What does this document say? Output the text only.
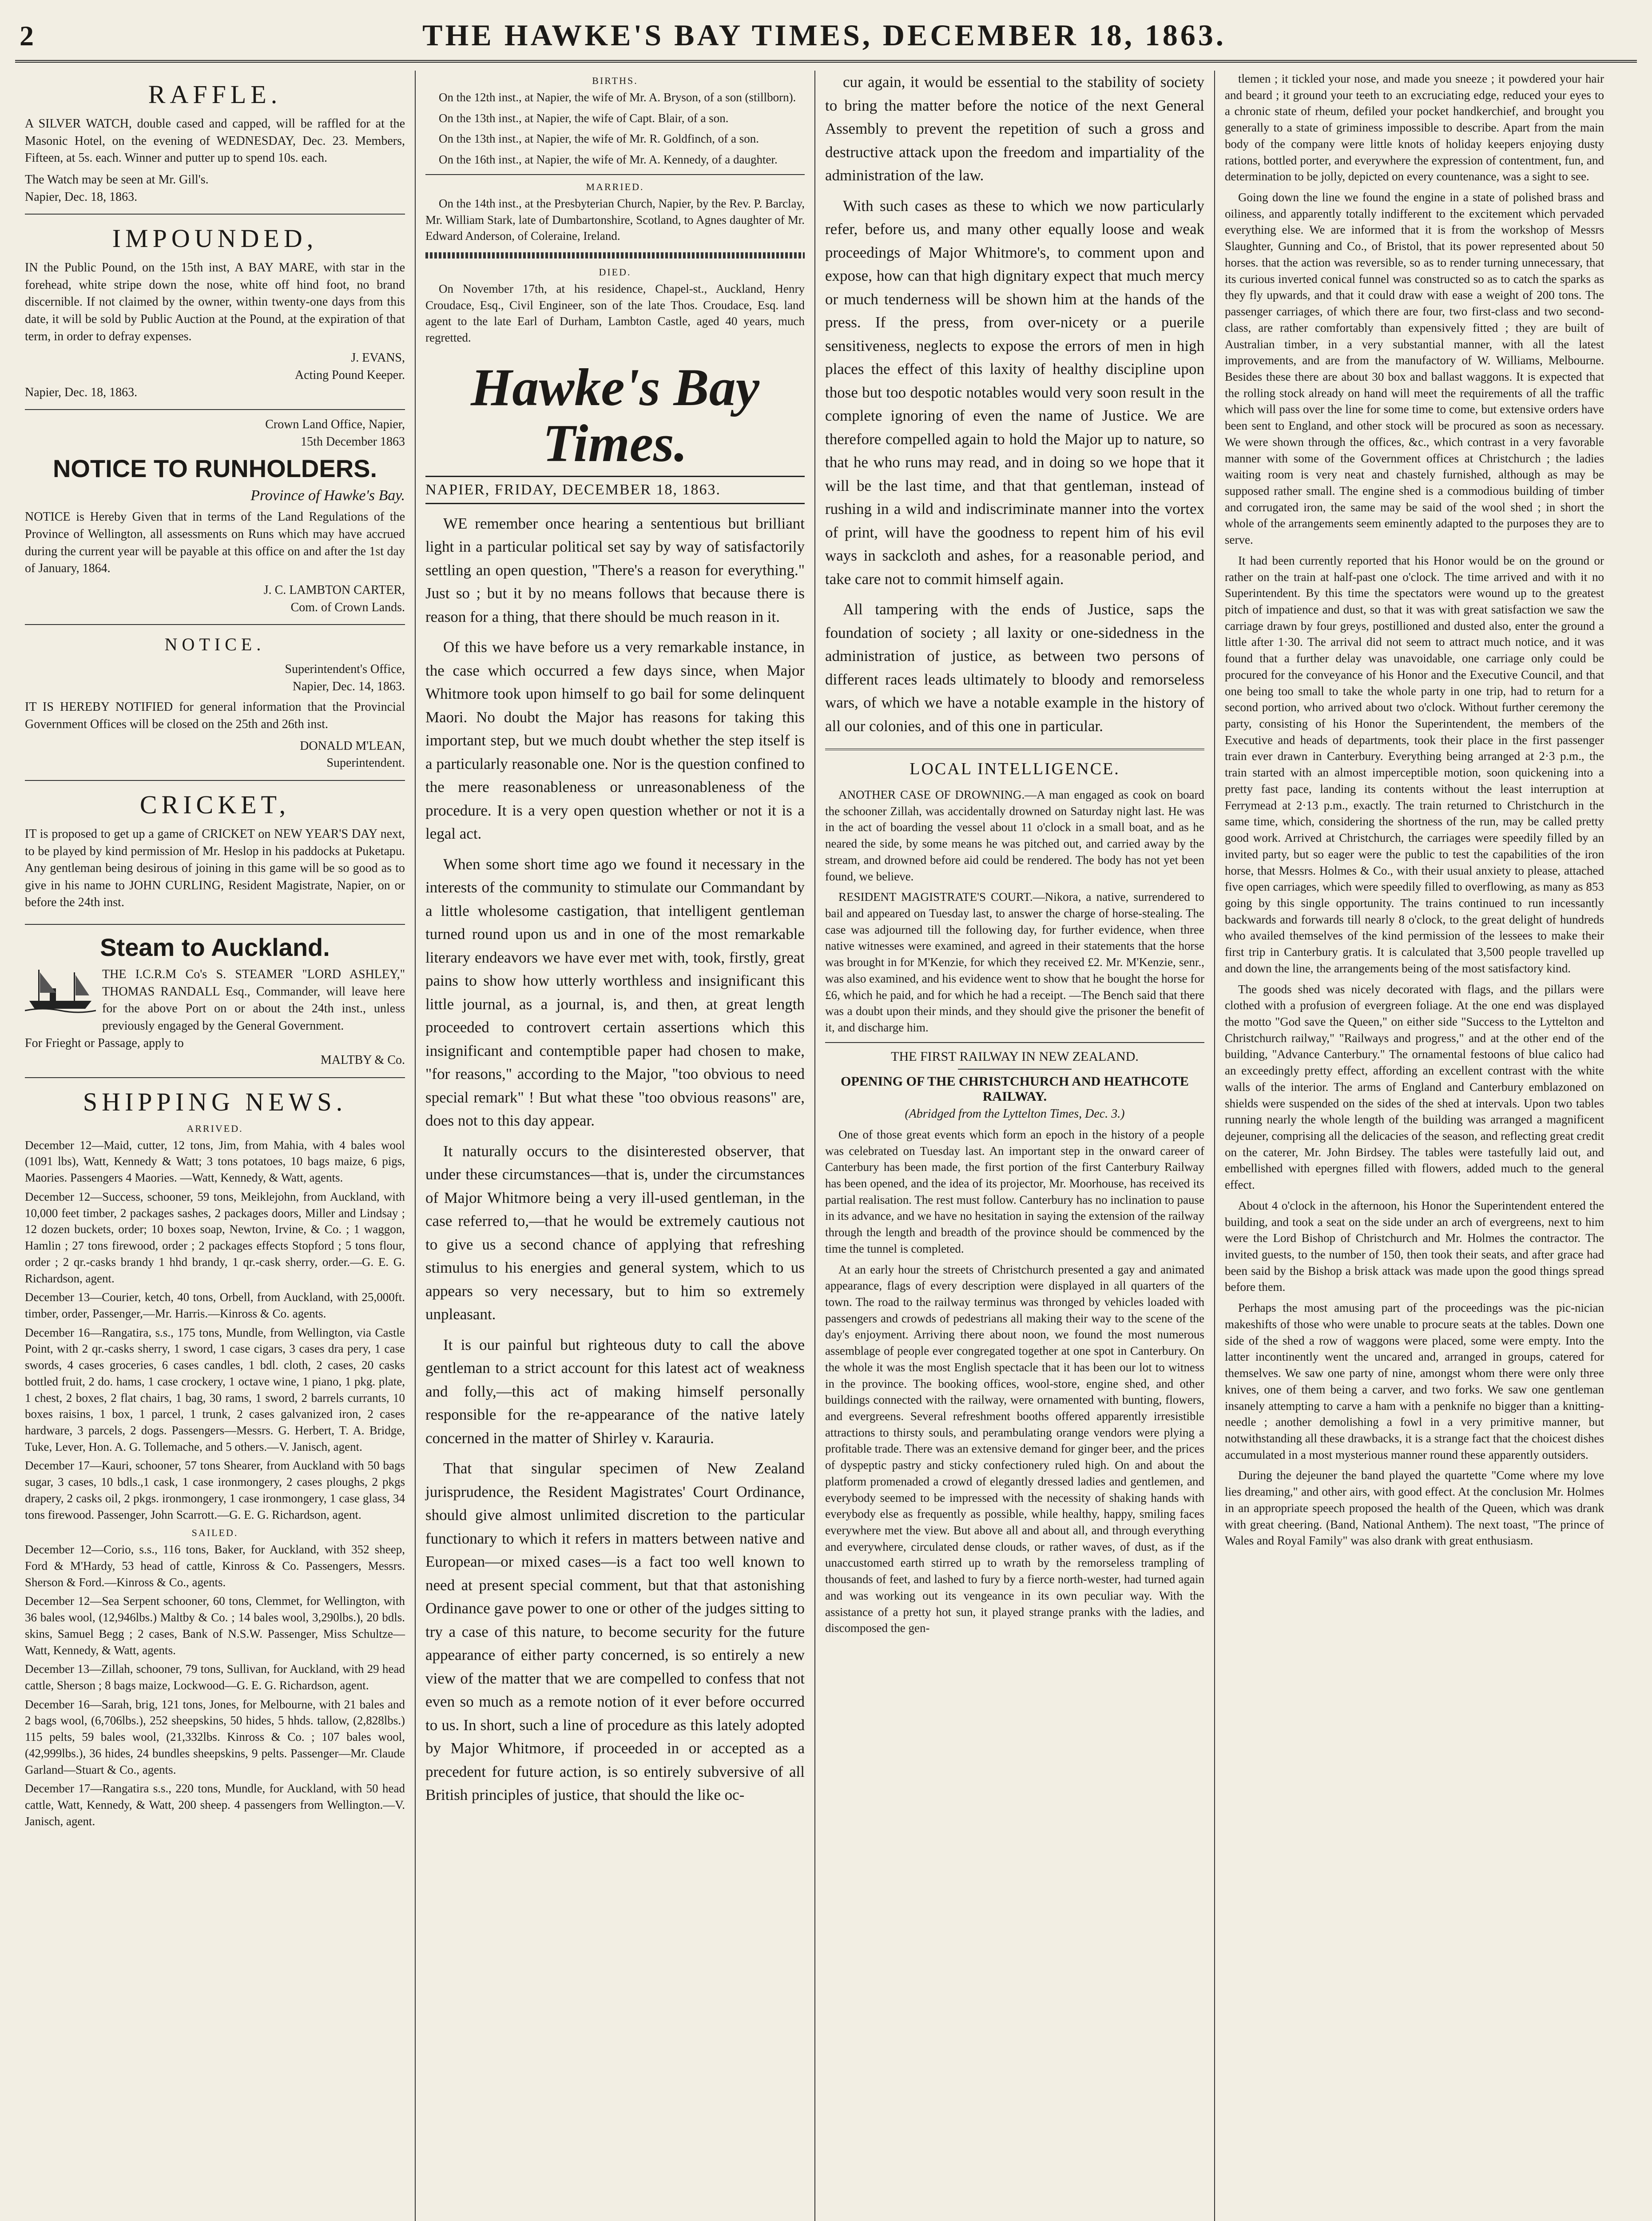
2	THE HAWKE'S BAY TIMES, DECEMBER 18, 1863.
RAFFLE.

A SILVER WATCH, double cased and capped, will be raffled for at the Masonic Hotel, on the evening of WEDNESDAY, Dec. 23. Members, Fifteen, at 5s. each. Winner and putter up to spend 10s. each.

The Watch may be seen at Mr. Gill's.

Napier, Dec. 18, 1863.

IMPOUNDED,

IN the Public Pound, on the 15th inst, A BAY MARE, with star in the forehead, white stripe down the nose, white off hind foot, no brand discernible. If not claimed by the owner, within twenty-one days from this date, it will be sold by Public Auction at the Pound, at the expiration of that term, in order to defray expenses.

J. EVANS,
Acting Pound Keeper.

Napier, Dec. 18, 1863.

Crown Land Office, Napier,
15th December 1863

NOTICE TO RUNHOLDERS.

Province of Hawke's Bay.

NOTICE is Hereby Given that in terms of the Land Regulations of the Province of Wellington, all assessments on Runs which may have accrued during the current year will be payable at this office on and after the 1st day of January, 1864.

J. C. LAMBTON CARTER,
Com. of Crown Lands.

NOTICE.

Superintendent's Office,
Napier, Dec. 14, 1863.

IT IS HEREBY NOTIFIED for general information that the Provincial Government Offices will be closed on the 25th and 26th inst.

DONALD M'LEAN,
Superintendent.

CRICKET,

IT is proposed to get up a game of CRICKET on NEW YEAR'S DAY next, to be played by kind permission of Mr. Heslop in his paddocks at Puketapu. Any gentleman being desirous of joining in this game will be so good as to give in his name to JOHN CURLING, Resident Magistrate, Napier, on or before the 24th inst.

Steam to Auckland.

THE I.C.R.M Co's S. STEAMER "LORD ASHLEY," THOMAS RANDALL Esq., Commander, will leave here for the above Port on or about the 24th inst., unless previously engaged by the General Government.

For Frieght or Passage, apply to

MALTBY & Co.

SHIPPING NEWS.

ARRIVED.

December 12—Maid, cutter, 12 tons, Jim, from Mahia, with 4 bales wool (1091 lbs), Watt, Kennedy & Watt; 3 tons potatoes, 10 bags maize, 6 pigs, Maories. Passengers 4 Maories. —Watt, Kennedy, & Watt, agents.

December 12—Success, schooner, 59 tons, Meiklejohn, from Auckland, with 10,000 feet timber, 2 packages sashes, 2 packages doors, Miller and Lindsay ; 12 dozen buckets, order; 10 boxes soap, Newton, Irvine, & Co. ; 1 waggon, Hamlin ; 27 tons firewood, order ; 2 packages effects Stopford ; 5 tons flour, order ; 2 qr.-casks brandy 1 hhd brandy, 1 qr.-cask sherry, order.—G. E. G. Richardson, agent.

December 13—Courier, ketch, 40 tons, Orbell, from Auckland, with 25,000ft. timber, order, Passenger,—Mr. Harris.—Kinross & Co. agents.

December 16—Rangatira, s.s., 175 tons, Mundle, from Wellington, via Castle Point, with 2 qr.-casks sherry, 1 sword, 1 case cigars, 3 cases dra pery, 1 case swords, 4 cases groceries, 6 cases candles, 1 bdl. cloth, 2 cases, 20 casks bottled fruit, 2 do. hams, 1 case crockery, 1 octave wine, 1 piano, 1 pkg. plate, 1 chest, 2 boxes, 2 flat chairs, 1 bag, 30 rams, 1 sword, 2 barrels currants, 10 boxes raisins, 1 box, 1 parcel, 1 trunk, 2 cases galvanized iron, 2 cases hardware, 3 parcels, 2 dogs. Passengers—Messrs. G. Herbert, T. A. Bridge, Tuke, Lever, Hon. A. G. Tollemache, and 5 others.—V. Janisch, agent.

December 17—Kauri, schooner, 57 tons Shearer, from Auckland with 50 bags sugar, 3 cases, 10 bdls.,1 cask, 1 case ironmongery, 2 cases ploughs, 2 pkgs drapery, 2 casks oil, 2 pkgs. ironmongery, 1 case ironmongery, 1 case glass, 34 tons firewood. Passenger, John Scarrott.—G. E. G. Richardson, agent.

SAILED.

December 12—Corio, s.s., 116 tons, Baker, for Auckland, with 352 sheep, Ford & M'Hardy, 53 head of cattle, Kinross & Co. Passengers, Messrs. Sherson & Ford.—Kinross & Co., agents.

December 12—Sea Serpent schooner, 60 tons, Clemmet, for Wellington, with 36 bales wool, (12,946lbs.) Maltby & Co. ; 14 bales wool, 3,290lbs.), 20 bdls. skins, Samuel Begg ; 2 cases, Bank of N.S.W. Passenger, Miss Schultze—Watt, Kennedy, & Watt, agents.

December 13—Zillah, schooner, 79 tons, Sullivan, for Auckland, with 29 head cattle, Sherson ; 8 bags maize, Lockwood—G. E. G. Richardson, agent.

December 16—Sarah, brig, 121 tons, Jones, for Melbourne, with 21 bales and 2 bags wool, (6,706lbs.), 252 sheepskins, 50 hides, 5 hhds. tallow, (2,828lbs.) 115 pelts, 59 bales wool, (21,332lbs. Kinross & Co. ; 107 bales wool, (42,999lbs.), 36 hides, 24 bundles sheepskins, 9 pelts. Passenger—Mr. Claude Garland—Stuart & Co., agents.

December 17—Rangatira s.s., 220 tons, Mundle, for Auckland, with 50 head cattle, Watt, Kennedy, & Watt, 200 sheep. 4 passengers from Wellington.—V. Janisch, agent.

BIRTHS.

On the 12th inst., at Napier, the wife of Mr. A. Bryson, of a son (stillborn).

On the 13th inst., at Napier, the wife of Capt. Blair, of a son.

On the 13th inst., at Napier, the wife of Mr. R. Goldfinch, of a son.

On the 16th inst., at Napier, the wife of Mr. A. Kennedy, of a daughter.

MARRIED.

On the 14th inst., at the Presbyterian Church, Napier, by the Rev. P. Barclay, Mr. William Stark, late of Dumbartonshire, Scotland, to Agnes daughter of Mr. Edward Anderson, of Coleraine, Ireland.

DIED.

On November 17th, at his residence, Chapel-st., Auckland, Henry Croudace, Esq., Civil Engineer, son of the late Thos. Croudace, Esq. land agent to the late Earl of Durham, Lambton Castle, aged 40 years, much regretted.

Hawke's Bay Times.
NAPIER, FRIDAY, DECEMBER 18, 1863.

WE remember once hearing a sententious but brilliant light in a particular political set say by way of satisfactorily settling an open question, "There's a reason for everything." Just so ; but it by no means follows that because there is reason for a thing, that there should be much reason in it.

Of this we have before us a very remarkable instance, in the case which occurred a few days since, when Major Whitmore took upon himself to go bail for some delinquent Maori. No doubt the Major has reasons for taking this important step, but we much doubt whether the step itself is a particularly reasonable one. Nor is the question confined to the mere reasonableness or unreasonableness of the procedure. It is a very open question whether or not it is a legal act.

When some short time ago we found it necessary in the interests of the community to stimulate our Commandant by a little wholesome castigation, that intelligent gentleman turned round upon us and in one of the most remarkable literary endeavors we have ever met with, took, firstly, great pains to show how utterly worthless and insignificant this little journal, as a journal, is, and then, at great length proceeded to controvert certain assertions which this insignificant and contemptible paper had chosen to make, "for reasons," according to the Major, "too obvious to need special remark" ! But what these "too obvious reasons" are, does not to this day appear.

It naturally occurs to the disinterested observer, that under these circumstances—that is, under the circumstances of Major Whitmore being a very ill-used gentleman, in the case referred to,—that he would be extremely cautious not to give us a second chance of applying that refreshing stimulus to his energies and general system, which to us appears so very necessary, but to him so extremely unpleasant.

It is our painful but righteous duty to call the above gentleman to a strict account for this latest act of weakness and folly,—this act of making himself personally responsible for the re-appearance of the native lately concerned in the matter of Shirley v. Karauria.

That that singular specimen of New Zealand jurisprudence, the Resident Magistrates' Court Ordinance, should give almost unlimited discretion to the particular functionary to which it refers in matters between native and European—or mixed cases—is a fact too well known to need at present special comment, but that that astonishing Ordinance gave power to one or other of the judges sitting to try a case of this nature, to become security for the future appearance of either party concerned, is so entirely a new view of the matter that we are compelled to confess that not even so much as a remote notion of it ever before occurred to us. In short, such a line of procedure as this lately adopted by Major Whitmore, if proceeded in or accepted as a precedent for future action, is so entirely subversive of all British principles of justice, that should the like oc-

cur again, it would be essential to the stability of society to bring the matter before the notice of the next General Assembly to prevent the repetition of such a gross and destructive attack upon the freedom and impartiality of the administration of the law.

With such cases as these to which we now particularly refer, before us, and many other equally loose and weak proceedings of Major Whitmore's, to comment upon and expose, how can that high dignitary expect that much mercy or much tenderness will be shown him at the hands of the press. If the press, from over-nicety or a puerile sensitiveness, neglects to expose the errors of men in high places the effect of this laxity of healthy discipline upon those but too despotic notables would very soon result in the complete ignoring of even the name of Justice. We are therefore compelled again to hold the Major up to nature, so that he who runs may read, and in doing so we hope that it will be the last time, and that that gentleman, instead of rushing in a wild and indiscriminate manner into the vortex of print, will have the goodness to repent him of his evil ways in sackcloth and ashes, for a reasonable period, and take care not to commit himself again.

All tampering with the ends of Justice, saps the foundation of society ; all laxity or one-sidedness in the administration of justice, as between two persons of different races leads ultimately to bloody and remorseless wars, of which we have a notable example in the history of all our colonies, and of this one in particular.

LOCAL INTELLIGENCE.

ANOTHER CASE OF DROWNING.—A man engaged as cook on board the schooner Zillah, was accidentally drowned on Saturday night last. He was in the act of boarding the vessel about 11 o'clock in a small boat, and as he neared the side, by some means he was pitched out, and carried away by the stream, and drowned before aid could be rendered. The body has not yet been found, we believe.

RESIDENT MAGISTRATE'S COURT.—Nikora, a native, surrendered to bail and appeared on Tuesday last, to answer the charge of horse-stealing. The case was adjourned till the following day, for further evidence, when three native witnesses were examined, and agreed in their statements that the horse was brought in for M'Kenzie, for which they received £2. Mr. M'Kenzie, senr., was also examined, and his evidence went to show that he bought the horse for £6, which he paid, and for which he had a receipt. —The Bench said that there was a doubt upon their minds, and they should give the prisoner the benefit of it, and discharge him.

THE FIRST RAILWAY IN NEW ZEALAND.

OPENING OF THE CHRISTCHURCH AND HEATHCOTE RAILWAY.

(Abridged from the Lyttelton Times, Dec. 3.)

One of those great events which form an epoch in the history of a people was celebrated on Tuesday last. An important step in the onward career of Canterbury has been made, the first portion of the first Canterbury Railway has been opened, and the idea of its projector, Mr. Moorhouse, has received its partial realisation. The rest must follow. Canterbury has no inclination to pause in its advance, and we have no hesitation in saying the extension of the railway through the length and breadth of the province should be commenced by the time the tunnel is completed.

At an early hour the streets of Christchurch presented a gay and animated appearance, flags of every description were displayed in all quarters of the town. The road to the railway terminus was thronged by vehicles loaded with passengers and crowds of pedestrians all making their way to the scene of the day's enjoyment. Arriving there about noon, we found the most numerous assemblage of people ever congregated together at one spot in Canterbury. On the whole it was the most English spectacle that it has been our lot to witness in the province. The booking offices, wool-store, engine shed, and other buildings connected with the railway, were ornamented with bunting, flowers, and evergreens. Several refreshment booths offered apparently irresistible attractions to thirsty souls, and perambulating orange vendors were plying a profitable trade. There was an extensive demand for ginger beer, and the prices of dyspeptic pastry and sticky confectionery ruled high. On and about the platform promenaded a crowd of elegantly dressed ladies and gentlemen, and everybody seemed to be impressed with the necessity of shaking hands with everybody else as frequently as possible, while healthy, happy, smiling faces everywhere met the view. But above all and about all, and through everything and everywhere, circulated dense clouds, or rather waves, of dust, as if the unaccustomed earth stirred up to wrath by the remorseless trampling of thousands of feet, and lashed to fury by a fierce north-wester, had turned again and was working out its vengeance in its own peculiar way. With the assistance of a pretty hot sun, it played strange pranks with the ladies, and discomposed the gen-

tlemen ; it tickled your nose, and made you sneeze ; it powdered your hair and beard ; it ground your teeth to an excruciating edge, reduced your eyes to a chronic state of rheum, defiled your pocket handkerchief, and brought you generally to a state of griminess impossible to describe. Apart from the main body of the company were little knots of holiday keepers enjoying dusty rations, bottled porter, and everywhere the expression of contentment, fun, and determination to be jolly, depicted on every countenance, was a sight to see.

Going down the line we found the engine in a state of polished brass and oiliness, and apparently totally indifferent to the excitement which pervaded everything else. We are informed that it is from the workshop of Messrs Slaughter, Gunning and Co., of Bristol, that its power represented about 50 horses. that the action was reversible, so as to render turning unnecessary, that its curious inverted conical funnel was constructed so as to catch the sparks as they fly upwards, and that it could draw with ease a weight of 200 tons. The passenger carriages, of which there are four, two first-class and two second-class, are rather comfortably than expensively fitted ; they are built of Australian timber, in a very substantial manner, with all the latest improvements, and are from the manufactory of W. Williams, Melbourne. Besides these there are about 30 box and ballast waggons. It is expected that the rolling stock already on hand will meet the requirements of all the traffic which will pass over the line for some time to come, but extensive orders have been sent to England, and other stock will be procured as soon as necessary. We were shown through the offices, &c., which contrast in a very favorable manner with some of the Government offices at Christchurch ; the ladies waiting room is very neat and chastely furnished, although as may be supposed rather small. The engine shed is a commodious building of timber and corrugated iron, the same may be said of the wool shed ; in short the whole of the arrangements seem eminently adapted to the purposes they are to serve.

It had been currently reported that his Honor would be on the ground or rather on the train at half-past one o'clock. The time arrived and with it no Superintendent. By this time the spectators were wound up to the greatest pitch of impatience and dust, so that it was with great satisfaction we saw the carriage drawn by four greys, postillioned and dusted also, enter the ground a little after 1·30. The arrival did not seem to attract much notice, and it was found that a further delay was unavoidable, one carriage only could be procured for the conveyance of his Honor and the Executive Council, and that one being too small to take the whole party in one trip, had to return for a second portion, who arrived about two o'clock. Without further ceremony the party, consisting of his Honor the Superintendent, the members of the Executive and heads of departments, took their place in the first passenger train ever drawn in Canterbury. Everything being arranged at 2·3 p.m., the train started with an almost imperceptible motion, soon quickening into a pretty fast pace, landing its contents without the least interruption at Ferrymead at 2·13 p.m., exactly. The train returned to Christchurch in the same time, which, considering the shortness of the run, may be called pretty good work. Arrived at Christchurch, the carriages were speedily filled by an invited party, but so eager were the public to test the capabilities of the iron horse, that Messrs. Holmes & Co., with their usual anxiety to please, attached five open carriages, which were speedily filled to overflowing, as many as 853 going by this single opportunity. The trains continued to run incessantly backwards and forwards till nearly 8 o'clock, to the great delight of hundreds who availed themselves of the kind permission of the lessees to make their first trip in Canterbury gratis. It is calculated that 3,500 people travelled up and down the line, the arrangements being of the most satisfactory kind.

The goods shed was nicely decorated with flags, and the pillars were clothed with a profusion of evergreen foliage. At the one end was displayed the motto "God save the Queen," on either side "Success to the Lyttelton and Christchurch railway," "Railways and progress," and at the other end of the building, "Advance Canterbury." The ornamental festoons of blue calico had an exceedingly pretty effect, affording an excellent contrast with the white walls of the interior. The arms of England and Canterbury emblazoned on shields were suspended on the sides of the shed at intervals. Upon two tables running nearly the whole length of the building was arranged a magnificent dejeuner, comprising all the delicacies of the season, and reflecting great credit on the caterer, Mr. John Birdsey. The tables were tastefully laid out, and embellished with epergnes filled with flowers, added much to the general effect.

About 4 o'clock in the afternoon, his Honor the Superintendent entered the building, and took a seat on the side under an arch of evergreens, next to him were the Lord Bishop of Christchurch and Mr. Holmes the contractor. The invited guests, to the number of 150, then took their seats, and after grace had been said by the Bishop a brisk attack was made upon the good things spread before them.

Perhaps the most amusing part of the proceedings was the pic-nician makeshifts of those who were unable to procure seats at the tables. Down one side of the shed a row of waggons were placed, some were empty. Into the latter incontinently went the uncared and, arranged in groups, catered for themselves. We saw one party of nine, amongst whom there were only three knives, one of them being a carver, and two forks. We saw one gentleman insanely attempting to carve a ham with a penknife no bigger than a knitting-needle ; another demolishing a fowl in a very primitive manner, but notwithstanding all these drawbacks, it is a strange fact that the choicest dishes accumulated in a most mysterious manner round these apparently outsiders.

During the dejeuner the band played the quartette "Come where my love lies dreaming," and other airs, with good effect. At the conclusion Mr. Holmes in an appropriate speech proposed the health of the Queen, which was drank with great cheering. (Band, National Anthem). The next toast, "The prince of Wales and Royal Family" was also drank with great enthusiasm.
